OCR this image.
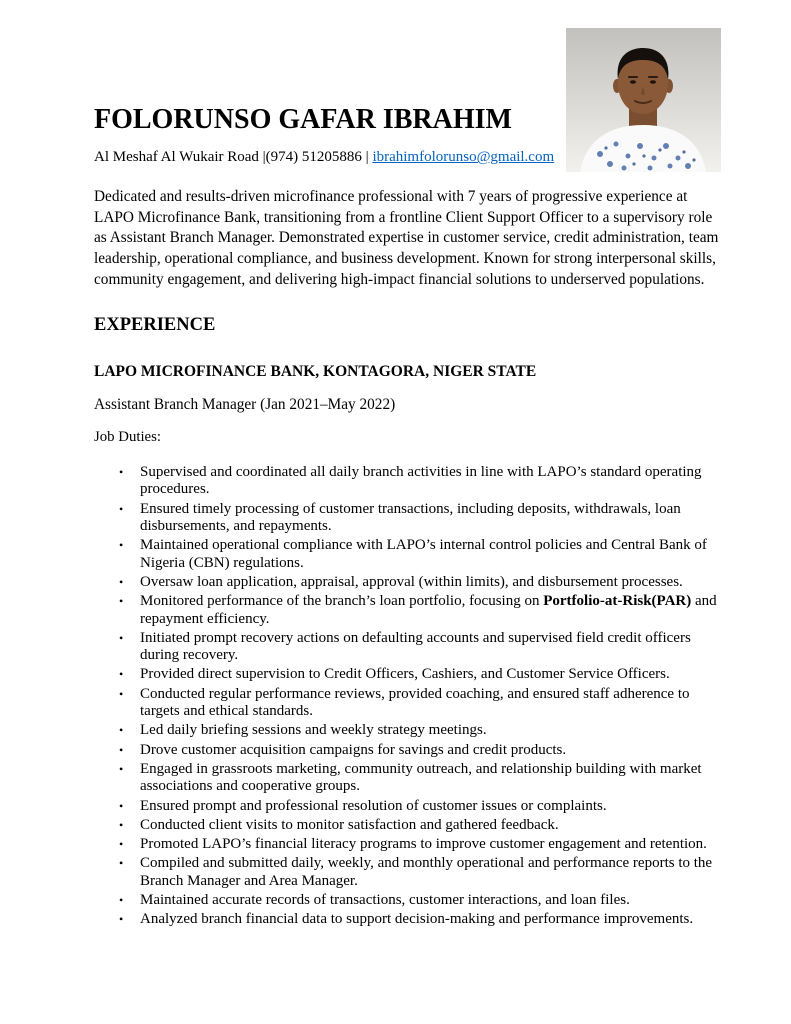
FOLORUNSO GAFAR IBRAHIM

Al Meshaf Al Wukair Road |(974) 51205886 | ibrahimfolorunso@gmail.com

Dedicated and results-driven microfinance professional with 7 years of progressive experience at LAPO Microfinance Bank, transitioning from a frontline Client Support Officer to a supervisory role as Assistant Branch Manager. Demonstrated expertise in customer service, credit administration, team leadership, operational compliance, and business development. Known for strong interpersonal skills, community engagement, and delivering high-impact financial solutions to underserved populations.

EXPERIENCE
LAPO MICROFINANCE BANK, KONTAGORA, NIGER STATE

Assistant Branch Manager (Jan 2021–May 2022)

Job Duties:

• Supervised and coordinated all daily branch activities in line with LAPO’s standard operating procedures.
• Ensured timely processing of customer transactions, including deposits, withdrawals, loan disbursements, and repayments.
• Maintained operational compliance with LAPO’s internal control policies and Central Bank of Nigeria (CBN) regulations.
• Oversaw loan application, appraisal, approval (within limits), and disbursement processes.
• Monitored performance of the branch’s loan portfolio, focusing on Portfolio-at-Risk(PAR) and repayment efficiency.
• Initiated prompt recovery actions on defaulting accounts and supervised field credit officers during recovery.
• Provided direct supervision to Credit Officers, Cashiers, and Customer Service Officers.
• Conducted regular performance reviews, provided coaching, and ensured staff adherence to targets and ethical standards.
• Led daily briefing sessions and weekly strategy meetings.
• Drove customer acquisition campaigns for savings and credit products.
• Engaged in grassroots marketing, community outreach, and relationship building with market associations and cooperative groups.
• Ensured prompt and professional resolution of customer issues or complaints.
• Conducted client visits to monitor satisfaction and gathered feedback.
• Promoted LAPO’s financial literacy programs to improve customer engagement and retention.
• Compiled and submitted daily, weekly, and monthly operational and performance reports to the Branch Manager and Area Manager.
• Maintained accurate records of transactions, customer interactions, and loan files.
• Analyzed branch financial data to support decision-making and performance improvements.
